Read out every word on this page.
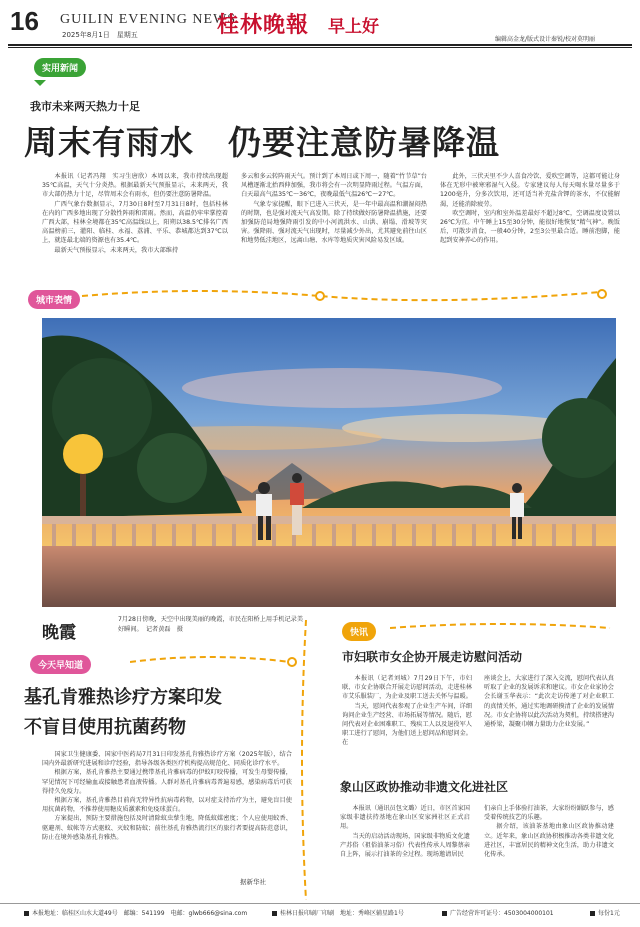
16 GUILIN EVENING NEWS
2025年8月1日　星期五	桂林晚報 早上好
编辑高金龙/版式设计秦锐/校对莫明丽
实用新闻
我市未来两天热力十足
周末有雨水　仍要注意防暑降温

本报讯（记者冯翔　实习生唐欣）本周以来，我市持续出现超35℃高温，天气十分炎热。根据最新天气预报显示，未来两天，我市大部仍热力十足，尽管周末会有雨水，但仍要注意防暑降温。

广西气象台数据显示，7月30日8时至7月31日8时，包括桂林在内的广西多地出现了分散性阵雨和雷雨。然而，高温仍牢牢掌控着广西大部，桂林全境都在35℃高温线以上，阳朔以38.5℃排名广西高温榜前三，灌阳、临桂、永福、荔浦、平乐、恭城都达到37℃以上，就连最北端的资源也有35.4℃。

最新天气预报显示，未来两天，我市大部维持

多云和多云转阵雨天气。预计到了本周日或下周一，随着“竹节草”台风槽逐渐北抬西伸加强，我市将会有一次明显降雨过程。气温方面，白天最高气温35℃～36℃，夜晚最低气温26℃～27℃。

气象专家提醒，眼下已进入三伏天，是一年中最高温和潮湿闷热的时期，也是强对流天气高发期。除了持续做好防暑降温措施，还要加强防范局地强降雨引发的中小河流洪水、山洪、崩塌、滑坡等灾害。强降雨、强对流天气出现时，尽量减少外出，尤其避免前往山区和地势低洼地区，远离山塘、水库等地质灾害风险易发区域。

此外，三伏天里不少人喜食冷饮、爱吹空调等，这都可能让身体在无形中被寒邪湿气入侵。专家建议每人每天喝水量尽量多于1200毫升，分多次饮用，还可适当补充盐含钾的茶水，不仅能解渴，还能消除疲劳。

吹空调时，室内和室外温差最好不超过8℃，空调温度设置以26℃为宜。中午睡上15至30分钟，能很好地恢复“精气神”。晚饭后，可散步消食，一般40分钟，2至3公里最合适。睡前泡脚，能起到安神养心的作用。

城市表情
晚霞
7月28日傍晚，天空中出现美丽的晚霞，市民在阳桥上用手机记录美好瞬间。　记者黄磊　摄
今天早知道
基孔肯雅热诊疗方案印发
不盲目使用抗菌药物

国家卫生健康委、国家中医药局7月31日印发基孔肯雅热诊疗方案（2025年版），结合国内外最新研究进展和诊疗经验，指导各级各类医疗机构提高规范化、同质化诊疗水平。

根据方案，基孔肯雅热主要通过携带基孔肯雅病毒的伊蚊叮咬传播，可发生母婴传播，罕见情况下可经输血或接触患者血液传播。人群对基孔肯雅病毒普遍易感，感染病毒后可获得持久免疫力。

根据方案，基孔肯雅热目前尚无特异性抗病毒药物，以对症支持治疗为主，避免盲目使用抗菌药物，不推荐使用糖皮质激素和免疫球蛋白。

方案提出，预防主要措施包括及时清除蚊虫孳生地，降低蚊媒密度；个人应使用蚊香、驱避剂、蚊帐等方式驱蚊、灭蚊和防蚊；前往基孔肯雅热流行区的旅行者要提高防范意识，防止在境外感染基孔肯雅热。

据新华社
快讯
市妇联市女企协开展走访慰问活动

本报讯（记者刘城）7月29日下午，市妇联、市女企协联合开展走访慰问活动，走进桂林市艾乐服装厂，为企业及职工送去关怀与温暖。

当天，慰问代表参观了企业生产车间，详细询问企业生产经营、市场拓展等情况。随后，慰问代表对企业困难职工、残疾工人以及退役军人职工进行了慰问，为他们送上慰问品和慰问金。在

座谈会上，大家进行了深入交流，慰问代表认真听取了企业的发展诉求和建议。市女企业家协会会长谢玉华表示：“此次走访传递了对企业职工的真情关怀，通过实地调研摸清了企业的发展情况。市女企协将以此次活动为契机，持续搭建沟通桥梁，凝聚巾帼力量助力企业发展。”

象山区政协推动非遗文化进社区

本报讯（通讯员包文璐）近日，市区首家国家级非遗扶持基地在象山区安家洲社区正式启用。

当天的启动活动现场，国家级非物质文化遗产苏俗（祖俗油茶习俗）代表性传承人周黎蔡亲自上阵，展示打油茶的全过程。现场邀请居民

们亲自上手体验打油茶，大家纷纷踊跃参与，感受着传统技艺的乐趣。

据介绍，该油茶基地由象山区政协推动建立。近年来，象山区政协积极推动各类非遗文化进社区，丰富居民的精神文化生活，助力非遗文化传承。

本报地址：临桂区山水大道49号　邮编：541199　电邮：glwb666@sina.com	桂林日报印刷厂印刷　地址：秀峰区辅星路1号	广告经营许可证号：4503004000101	每份1元
